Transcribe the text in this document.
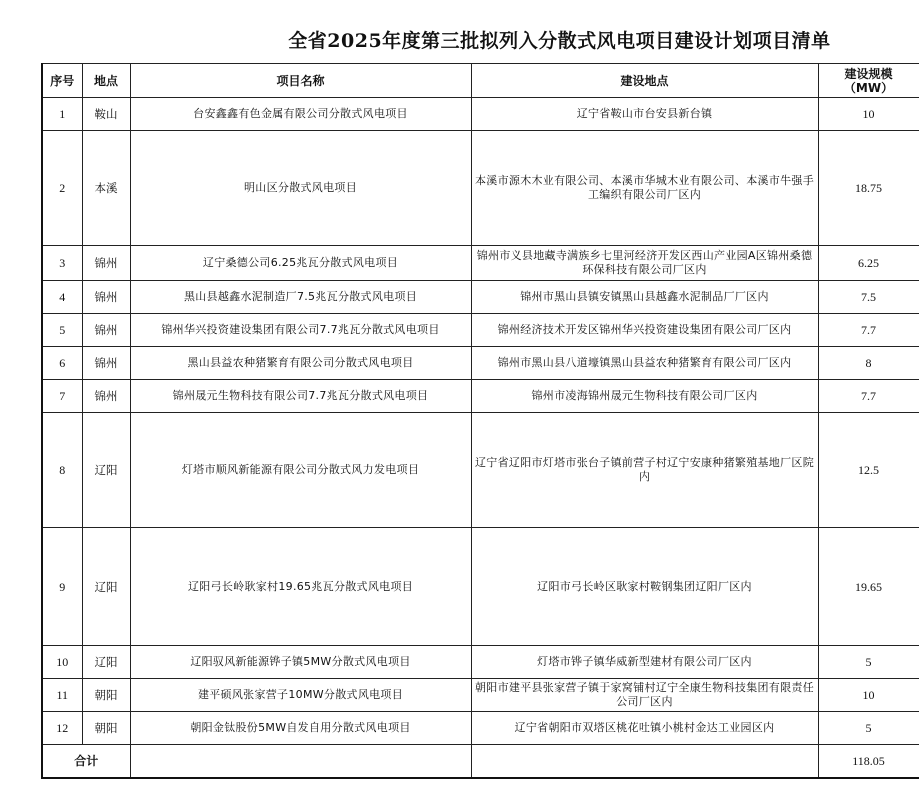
全省2025年度第三批拟列入分散式风电项目建设计划项目清单
序号	地点	项目名称	建设地点	建设规模
（MW）

1	鞍山	台安鑫鑫有色金属有限公司分散式风电项目	辽宁省鞍山市台安县新台镇	10
2	本溪	明山区分散式风电项目	本溪市源木木业有限公司、本溪市华城木业有限公司、本溪市牛强手工编织有限公司厂区内	18.75
3	锦州	辽宁桑德公司6.25兆瓦分散式风电项目	锦州市义县地藏寺满族乡七里河经济开发区西山产业园A区锦州桑德环保科技有限公司厂区内	6.25
4	锦州	黑山县越鑫水泥制造厂7.5兆瓦分散式风电项目	锦州市黑山县镇安镇黑山县越鑫水泥制品厂厂区内	7.5
5	锦州	锦州华兴投资建设集团有限公司7.7兆瓦分散式风电项目	锦州经济技术开发区锦州华兴投资建设集团有限公司厂区内	7.7
6	锦州	黑山县益农种猪繁育有限公司分散式风电项目	锦州市黑山县八道壕镇黑山县益农种猪繁育有限公司厂区内	8
7	锦州	锦州晟元生物科技有限公司7.7兆瓦分散式风电项目	锦州市凌海锦州晟元生物科技有限公司厂区内	7.7
8	辽阳	灯塔市顺风新能源有限公司分散式风力发电项目	辽宁省辽阳市灯塔市张台子镇前营子村辽宁安康种猪繁殖基地厂区院内	12.5
9	辽阳	辽阳弓长岭耿家村19.65兆瓦分散式风电项目	辽阳市弓长岭区耿家村鞍钢集团辽阳厂区内	19.65
10	辽阳	辽阳驭风新能源铧子镇5MW分散式风电项目	灯塔市铧子镇华威新型建材有限公司厂区内	5
11	朝阳	建平硕风张家营子10MW分散式风电项目	朝阳市建平县张家营子镇于家窝铺村辽宁全康生物科技集团有限责任公司厂区内	10
12	朝阳	朝阳金钛股份5MW自发自用分散式风电项目	辽宁省朝阳市双塔区桃花吐镇小桃村金达工业园区内	5
合计				118.05
